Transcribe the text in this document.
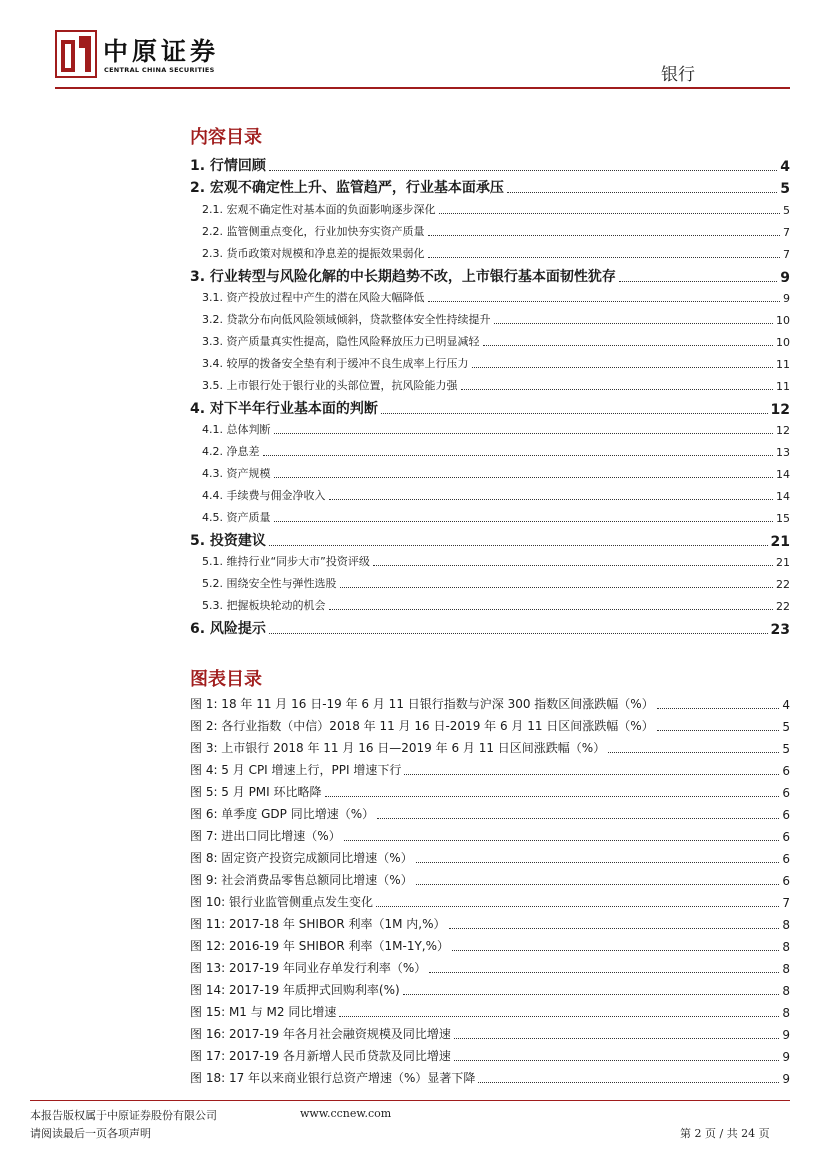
中原证券
CENTRAL CHINA SECURITIES	银行
内容目录
1. 行情回顾	4
2. 宏观不确定性上升、监管趋严，行业基本面承压	5
2.1. 宏观不确定性对基本面的负面影响逐步深化	5
2.2. 监管侧重点变化，行业加快夯实资产质量	7
2.3. 货币政策对规模和净息差的提振效果弱化	7
3. 行业转型与风险化解的中长期趋势不改，上市银行基本面韧性犹存	9
3.1. 资产投放过程中产生的潜在风险大幅降低	9
3.2. 贷款分布向低风险领域倾斜，贷款整体安全性持续提升	10
3.3. 资产质量真实性提高，隐性风险释放压力已明显减轻	10
3.4. 较厚的拨备安全垫有利于缓冲不良生成率上行压力	11
3.5. 上市银行处于银行业的头部位置，抗风险能力强	11
4. 对下半年行业基本面的判断	12
4.1. 总体判断	12
4.2. 净息差	13
4.3. 资产规模	14
4.4. 手续费与佣金净收入	14
4.5. 资产质量	15
5. 投资建议	21
5.1. 维持行业“同步大市”投资评级	21
5.2. 围绕安全性与弹性选股	22
5.3. 把握板块轮动的机会	22
6. 风险提示	23
图表目录
图 1: 18 年 11 月 16 日-19 年 6 月 11 日银行指数与沪深 300 指数区间涨跌幅（%）	4
图 2: 各行业指数（中信）2018 年 11 月 16 日-2019 年 6 月 11 日区间涨跌幅（%）	5
图 3: 上市银行 2018 年 11 月 16 日—2019 年 6 月 11 日区间涨跌幅（%）	5
图 4: 5 月 CPI 增速上行，PPI 增速下行	6
图 5: 5 月 PMI 环比略降	6
图 6: 单季度 GDP 同比增速（%）	6
图 7: 进出口同比增速（%）	6
图 8: 固定资产投资完成额同比增速（%）	6
图 9: 社会消费品零售总额同比增速（%）	6
图 10: 银行业监管侧重点发生变化	7
图 11: 2017-18 年 SHIBOR 利率（1M 内,%）	8
图 12: 2016-19 年 SHIBOR 利率（1M-1Y,%）	8
图 13: 2017-19 年同业存单发行利率（%）	8
图 14: 2017-19 年质押式回购利率(%)	8
图 15: M1 与 M2 同比增速	8
图 16: 2017-19 年各月社会融资规模及同比增速	9
图 17: 2017-19 各月新增人民币贷款及同比增速	9
图 18: 17 年以来商业银行总资产增速（%）显著下降	9
本报告版权属于中原证券股份有限公司	www.ccnew.com
请阅读最后一页各项声明	第 2 页 / 共 24 页
